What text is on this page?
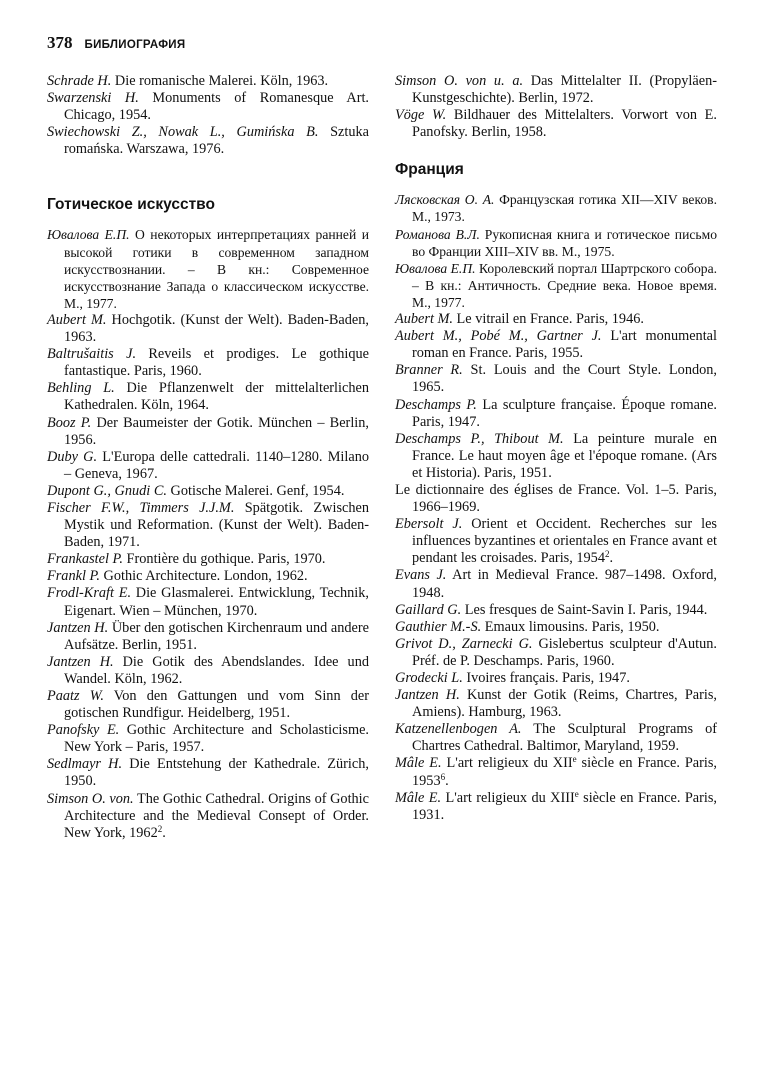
378 БИБЛИОГРАФИЯ

Schrade H. Die romanische Malerei. Köln, 1963.

Swarzenski H. Monuments of Romanesque Art. Chicago, 1954.

Swiechowski Z., Nowak L., Gumińska B. Sztuka romańska. Warszawa, 1976.

Готическое искусство

Ювалова Е.П. О некоторых интерпретациях ранней и высокой готики в современном западном искусствознании. – В кн.: Современное искусствознание Запада о классическом искусстве. М., 1977.

Aubert M. Hochgotik. (Kunst der Welt). Baden-Baden, 1963.

Baltrušaitis J. Reveils et prodiges. Le gothique fantastique. Paris, 1960.

Behling L. Die Pflanzenwelt der mittelalterlichen Kathedralen. Köln, 1964.

Booz P. Der Baumeister der Gotik. München – Berlin, 1956.

Duby G. L'Europa delle cattedrali. 1140–1280. Milano – Geneva, 1967.

Dupont G., Gnudi C. Gotische Malerei. Genf, 1954.

Fischer F.W., Timmers J.J.M. Spätgotik. Zwischen Mystik und Reformation. (Kunst der Welt). Baden-Baden, 1971.

Frankastel P. Frontière du gothique. Paris, 1970.

Frankl P. Gothic Architecture. London, 1962.

Frodl-Kraft E. Die Glasmalerei. Entwicklung, Technik, Eigenart. Wien – München, 1970.

Jantzen H. Über den gotischen Kirchenraum und andere Aufsätze. Berlin, 1951.

Jantzen H. Die Gotik des Abendslandes. Idee und Wandel. Köln, 1962.

Paatz W. Von den Gattungen und vom Sinn der gotischen Rundfigur. Heidelberg, 1951.

Panofsky E. Gothic Architecture and Scholasticisme. New York – Paris, 1957.

Sedlmayr H. Die Entstehung der Kathedrale. Zürich, 1950.

Simson O. von. The Gothic Cathedral. Origins of Gothic Architecture and the Medieval Consept of Order. New York, 1962$^2$.

Simson O. von u. a. Das Mittelalter II. (Propyläen-Kunstgeschichte). Berlin, 1972.

Vöge W. Bildhauer des Mittelalters. Vorwort von E. Panofsky. Berlin, 1958.

Франция

Лясковская О. А. Французская готика XII—XIV веков. М., 1973.

Романова В.Л. Рукописная книга и готическое письмо во Франции XIII–XIV вв. М., 1975.

Ювалова Е.П. Королевский портал Шартрского собора. – В кн.: Античность. Средние века. Новое время. М., 1977.

Aubert M. Le vitrail en France. Paris, 1946.

Aubert M., Pobé M., Gartner J. L'art monumental roman en France. Paris, 1955.

Branner R. St. Louis and the Court Style. London, 1965.

Deschamps P. La sculpture française. Époque romane. Paris, 1947.

Deschamps P., Thibout M. La peinture murale en France. Le haut moyen âge et l'époque romane. (Ars et Historia). Paris, 1951.

Le dictionnaire des églises de France. Vol. 1–5. Paris, 1966–1969.

Ebersolt J. Orient et Occident. Recherches sur les influences byzantines et orientales en France avant et pendant les croisades. Paris, 1954$^2$.

Evans J. Art in Medieval France. 987–1498. Oxford, 1948.

Gaillard G. Les fresques de Saint-Savin I. Paris, 1944.

Gauthier M.-S. Emaux limousins. Paris, 1950.

Grivot D., Zarnecki G. Gislebertus sculpteur d'Autun. Préf. de P. Deschamps. Paris, 1960.

Grodecki L. Ivoires français. Paris, 1947.

Jantzen H. Kunst der Gotik (Reims, Chartres, Paris, Amiens). Hamburg, 1963.

Katzenellenbogen A. The Sculptural Programs of Chartres Cathedral. Baltimor, Maryland, 1959.

Mâle E. L'art religieux du XIIe siècle en France. Paris, 1953$^6$.

Mâle E. L'art religieux du XIIIe siècle en France. Paris, 1931.
